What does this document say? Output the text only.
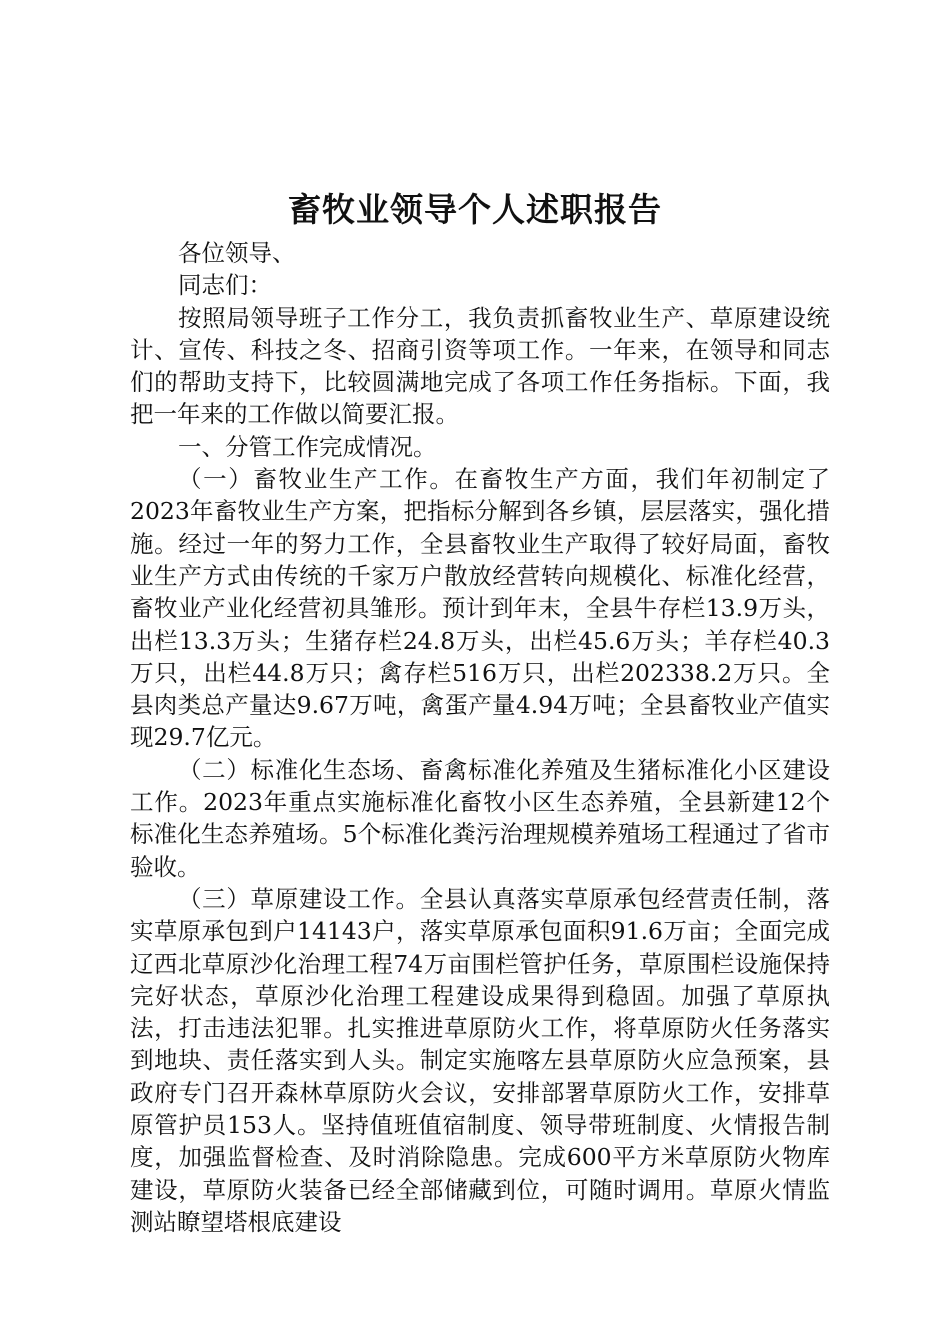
畜牧业领导个人述职报告

各位领导、

同志们：

按照局领导班子工作分工，我负责抓畜牧业生产、草原建设统计、宣传、科技之冬、招商引资等项工作。一年来，在领导和同志们的帮助支持下，比较圆满地完成了各项工作任务指标。下面，我把一年来的工作做以简要汇报。

一、分管工作完成情况。

（一）畜牧业生产工作。在畜牧生产方面，我们年初制定了2023年畜牧业生产方案，把指标分解到各乡镇，层层落实，强化措施。经过一年的努力工作，全县畜牧业生产取得了较好局面，畜牧业生产方式由传统的千家万户散放经营转向规模化、标准化经营，畜牧业产业化经营初具雏形。预计到年末，全县牛存栏13.9万头，出栏13.3万头；生猪存栏24.8万头，出栏45.6万头；羊存栏40.3万只，出栏44.8万只；禽存栏516万只，出栏202338.2万只。全县肉类总产量达9.67万吨，禽蛋产量4.94万吨；全县畜牧业产值实现29.7亿元。

（二）标准化生态场、畜禽标准化养殖及生猪标准化小区建设工作。2023年重点实施标准化畜牧小区生态养殖，全县新建12个标准化生态养殖场。5个标准化粪污治理规模养殖场工程通过了省市验收。

（三）草原建设工作。全县认真落实草原承包经营责任制，落实草原承包到户14143户，落实草原承包面积91.6万亩；全面完成辽西北草原沙化治理工程74万亩围栏管护任务，草原围栏设施保持完好状态，草原沙化治理工程建设成果得到稳固。加强了草原执法，打击违法犯罪。扎实推进草原防火工作，将草原防火任务落实到地块、责任落实到人头。制定实施喀左县草原防火应急预案，县政府专门召开森林草原防火会议，安排部署草原防火工作，安排草原管护员153人。坚持值班值宿制度、领导带班制度、火情报告制度，加强监督检查、及时消除隐患。完成600平方米草原防火物库建设，草原防火装备已经全部储藏到位，可随时调用。草原火情监测站瞭望塔根底建设
